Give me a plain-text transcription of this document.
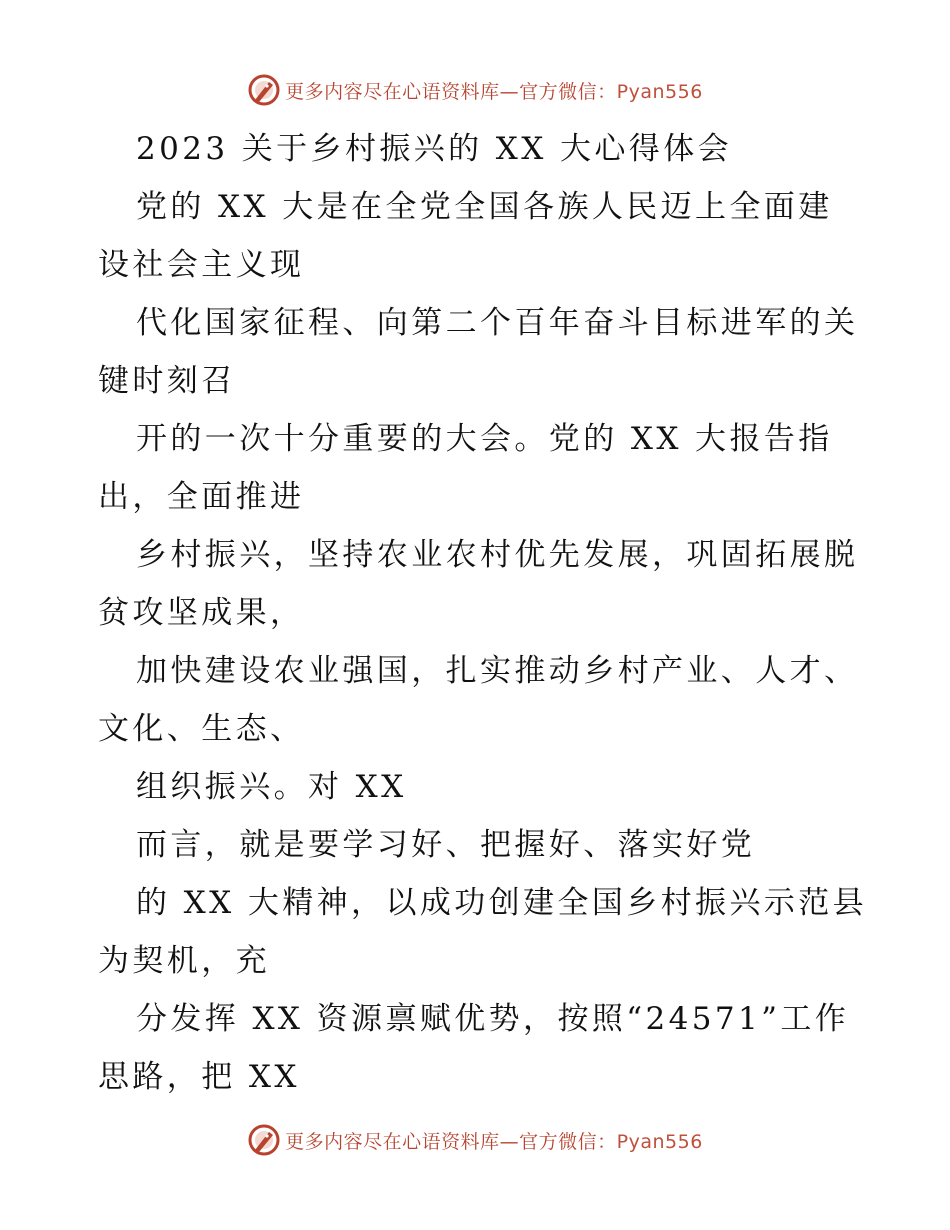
更多内容尽在心语资料库—官方微信：Pyan556
2023 关于乡村振兴的 XX 大心得体会
党的 XX 大是在全党全国各族人民迈上全面建
设社会主义现
代化国家征程、向第二个百年奋斗目标进军的关
键时刻召
开的一次十分重要的大会。党的 XX 大报告指
出，全面推进
乡村振兴，坚持农业农村优先发展，巩固拓展脱
贫攻坚成果，
加快建设农业强国，扎实推动乡村产业、人才、
文化、生态、
组织振兴。对 XX
而言，就是要学习好、把握好、落实好党
的 XX 大精神，以成功创建全国乡村振兴示范县
为契机，充
分发挥 XX 资源禀赋优势，按照“24571”工作
思路，把 XX
更多内容尽在心语资料库—官方微信：Pyan556
